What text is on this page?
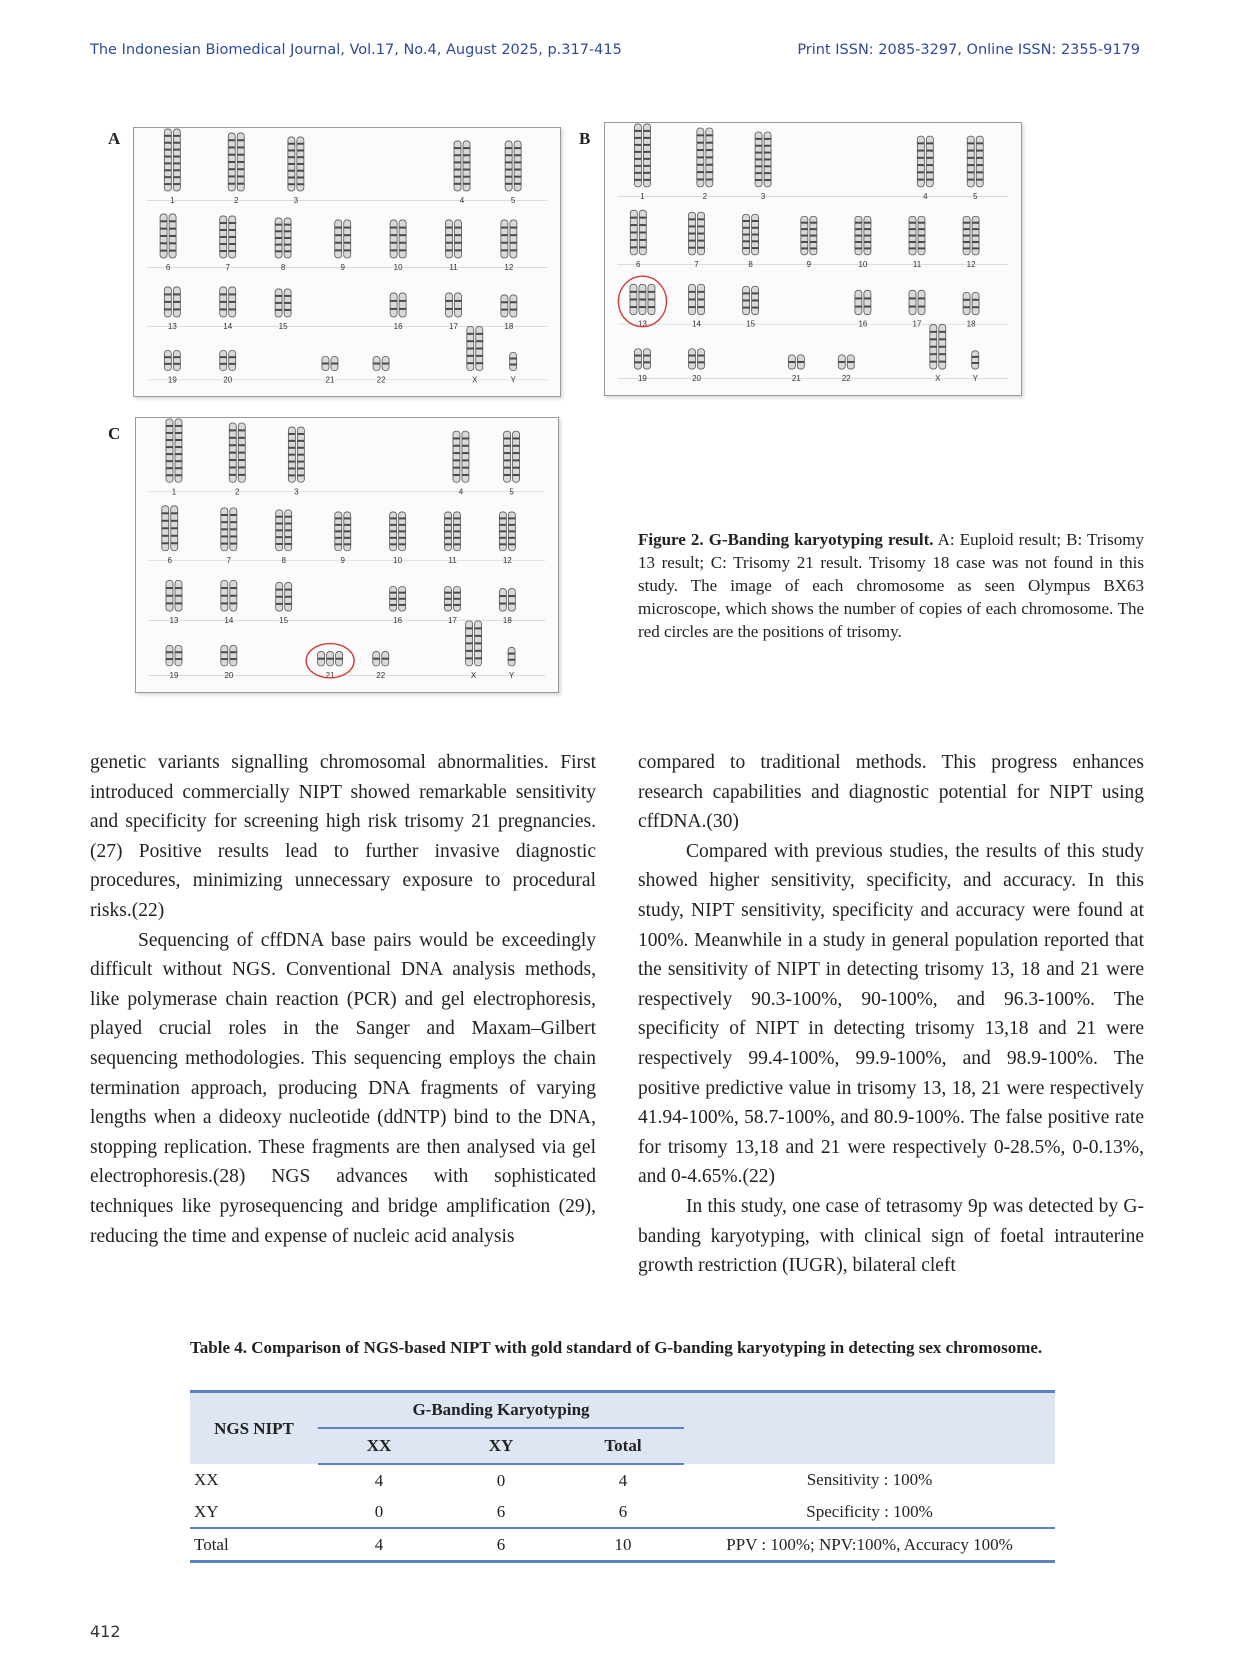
The Indonesian Biomedical Journal, Vol.17, No.4, August 2025, p.317-415	Print ISSN: 2085-3297, Online ISSN: 2355-9179
A	B
C
1	2	3	4	5
6	7	8	9	10	11	12
13	14	15	16	17	18
19	20	21	22	X	Y
1	2	3	4	5
6	7	8	9	10	11	12
13	14	15	16	17	18
19	20	21	22	X	Y
1	2	3	4	5
6	7	8	9	10	11	12
13	14	15	16	17	18
19	20	21	22	X	Y
Figure 2. G-Banding karyotyping result. A: Euploid result; B: Trisomy 13 result; C: Trisomy 21 result. Trisomy 18 case was not found in this study. The image of each chromosome as seen Olympus BX63 microscope, which shows the number of copies of each chromosome. The red circles are the positions of trisomy.

genetic variants signalling chromosomal abnormalities. First introduced commercially NIPT showed remarkable sensitivity and specificity for screening high risk trisomy 21 pregnancies.(27) Positive results lead to further invasive diagnostic procedures, minimizing unnecessary exposure to procedural risks.(22)

Sequencing of cffDNA base pairs would be exceedingly difficult without NGS. Conventional DNA analysis methods, like polymerase chain reaction (PCR) and gel electrophoresis, played crucial roles in the Sanger and Maxam–Gilbert sequencing methodologies. This sequencing employs the chain termination approach, producing DNA fragments of varying lengths when a dideoxy nucleotide (ddNTP) bind to the DNA, stopping replication. These fragments are then analysed via gel electrophoresis.(28) NGS advances with sophisticated techniques like pyrosequencing and bridge amplification (29), reducing the time and expense of nucleic acid analysis

compared to traditional methods. This progress enhances research capabilities and diagnostic potential for NIPT using cffDNA.(30)

Compared with previous studies, the results of this study showed higher sensitivity, specificity, and accuracy. In this study, NIPT sensitivity, specificity and accuracy were found at 100%. Meanwhile in a study in general population reported that the sensitivity of NIPT in detecting trisomy 13, 18 and 21 were respectively 90.3-100%, 90-100%, and 96.3-100%. The specificity of NIPT in detecting trisomy 13,18 and 21 were respectively 99.4-100%, 99.9-100%, and 98.9-100%. The positive predictive value in trisomy 13, 18, 21 were respectively 41.94-100%, 58.7-100%, and 80.9-100%. The false positive rate for trisomy 13,18 and 21 were respectively 0-28.5%, 0-0.13%, and 0-4.65%.(22)

In this study, one case of tetrasomy 9p was detected by G-banding karyotyping, with clinical sign of foetal intrauterine growth restriction (IUGR), bilateral cleft

Table 4. Comparison of NGS-based NIPT with gold standard of G-banding karyotyping in detecting sex chromosome.
NGS NIPT	G-Banding Karyotyping			
	XX	XY	Total	
XX	4	0	4	Sensitivity : 100%
XY	0	6	6	Specificity : 100%
Total	4	6	10	PPV : 100%; NPV:100%, Accuracy 100%
412
